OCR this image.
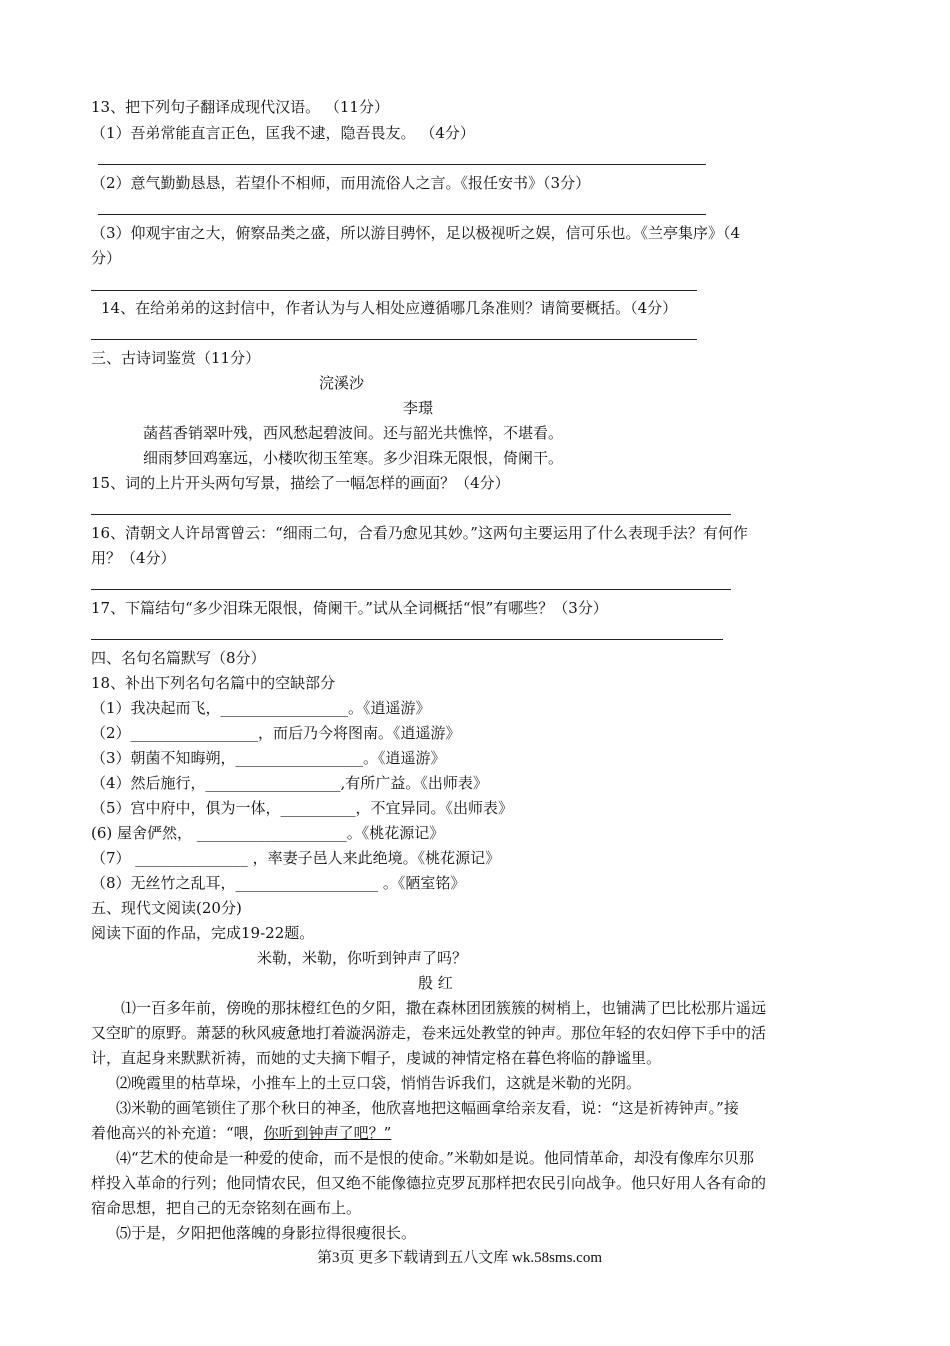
13、把下列句子翻译成现代汉语。 （11分）
（1）吾弟常能直言正色，匡我不逮，隐吾畏友。 （4分）
（2）意气勤勤恳恳，若望仆不相师，而用流俗人之言。《报任安书》（3分）
（3）仰观宇宙之大，俯察品类之盛，所以游目骋怀，足以极视听之娱，信可乐也。《兰亭集序》（4
分）
14、在给弟弟的这封信中，作者认为与人相处应遵循哪几条准则？请简要概括。（4分）
三、古诗词鉴赏（11分）
浣溪沙
李璟
菡萏香销翠叶残，西风愁起碧波间。还与韶光共憔悴，不堪看。
细雨梦回鸡塞远，小楼吹彻玉笙寒。多少泪珠无限恨，倚阑干。
15、词的上片开头两句写景，描绘了一幅怎样的画面？（4分）
16、清朝文人许昂霄曾云：“细雨二句，合看乃愈见其妙。”这两句主要运用了什么表现手法？有何作
用？（4分）
17、下篇结句“多少泪珠无限恨，倚阑干。”试从全词概括“恨”有哪些？（3分）
四、名句名篇默写（8分）
18、补出下列名句名篇中的空缺部分
（1）我决起而飞，_________________。《逍遥游》
（2）_________________，而后乃今将图南。《逍遥游》
（3）朝菌不知晦朔，_________________。《逍遥游》
（4）然后施行，__________________,有所广益。《出师表》
（5）宫中府中，俱为一体，__________，不宜异同。《出师表》
(6) 屋舍俨然， ____________________。《桃花源记》
（7） _______________ ，率妻子邑人来此绝境。《桃花源记》
（8）无丝竹之乱耳，___________________ 。《陋室铭》
五、现代文阅读(20分)
阅读下面的作品，完成19-22题。
米勒，米勒，你听到钟声了吗？
殷 红
⑴一百多年前，傍晚的那抹橙红色的夕阳，撒在森林团团簇簇的树梢上，也铺满了巴比松那片遥远
又空旷的原野。萧瑟的秋风疲惫地打着漩涡游走，卷来远处教堂的钟声。那位年轻的农妇停下手中的活
计，直起身来默默祈祷，而她的丈夫摘下帽子，虔诚的神情定格在暮色将临的静谧里。
⑵晚霞里的枯草垛，小推车上的土豆口袋，悄悄告诉我们，这就是米勒的光阴。
⑶米勒的画笔锁住了那个秋日的神圣，他欣喜地把这幅画拿给亲友看，说：“这是祈祷钟声。”接
着他高兴的补充道：“喂，你听到钟声了吧？”
⑷“艺术的使命是一种爱的使命，而不是恨的使命。”米勒如是说。他同情革命，却没有像库尔贝那
样投入革命的行列；他同情农民，但又绝不能像德拉克罗瓦那样把农民引向战争。他只好用人各有命的
宿命思想，把自己的无奈铭刻在画布上。
⑸于是，夕阳把他落魄的身影拉得很瘦很长。
第3页 更多下载请到五八文库 wk.58sms.com
